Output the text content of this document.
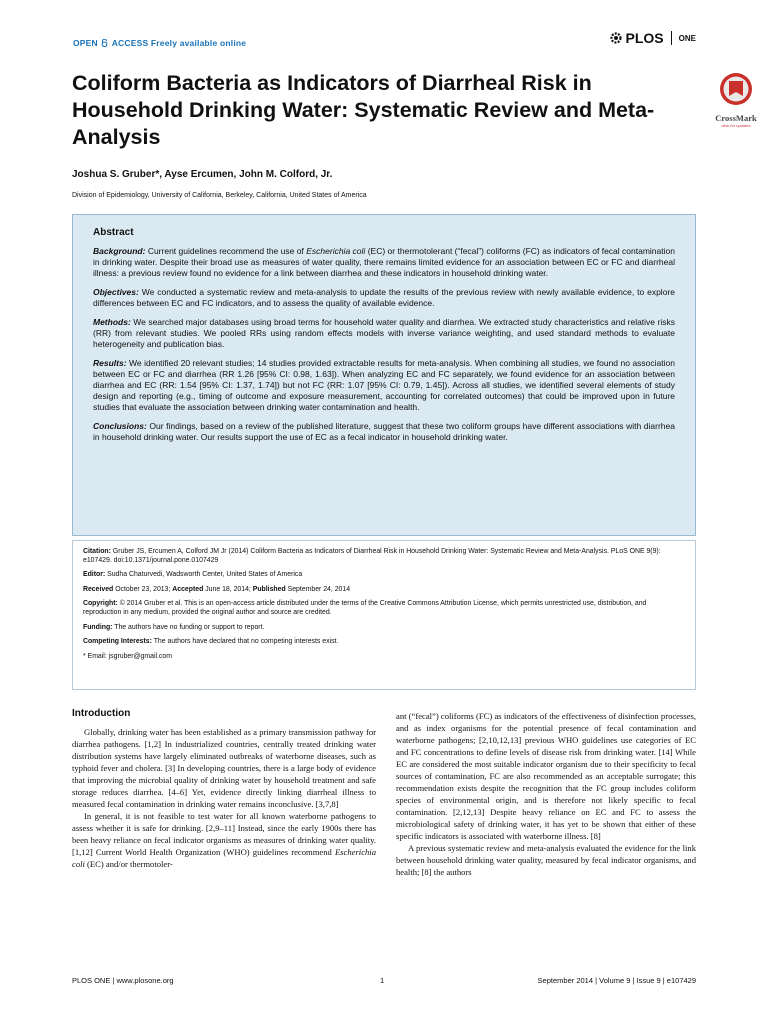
OPEN ACCESS Freely available online	PLOS ONE
Coliform Bacteria as Indicators of Diarrheal Risk in Household Drinking Water: Systematic Review and Meta-Analysis
CrossMark
click for updates
Joshua S. Gruber*, Ayse Ercumen, John M. Colford, Jr.
Division of Epidemiology, University of California, Berkeley, California, United States of America
Abstract

Background: Current guidelines recommend the use of Escherichia coli (EC) or thermotolerant (“fecal”) coliforms (FC) as indicators of fecal contamination in drinking water. Despite their broad use as measures of water quality, there remains limited evidence for an association between EC or FC and diarrheal illness: a previous review found no evidence for a link between diarrhea and these indicators in household drinking water.

Objectives: We conducted a systematic review and meta-analysis to update the results of the previous review with newly available evidence, to explore differences between EC and FC indicators, and to assess the quality of available evidence.

Methods: We searched major databases using broad terms for household water quality and diarrhea. We extracted study characteristics and relative risks (RR) from relevant studies. We pooled RRs using random effects models with inverse variance weighting, and used standard methods to evaluate heterogeneity and publication bias.

Results: We identified 20 relevant studies; 14 studies provided extractable results for meta-analysis. When combining all studies, we found no association between EC or FC and diarrhea (RR 1.26 [95% CI: 0.98, 1.63]). When analyzing EC and FC separately, we found evidence for an association between diarrhea and EC (RR: 1.54 [95% CI: 1.37, 1.74]) but not FC (RR: 1.07 [95% CI: 0.79, 1.45]). Across all studies, we identified several elements of study design and reporting (e.g., timing of outcome and exposure measurement, accounting for correlated outcomes) that could be improved upon in future studies that evaluate the association between drinking water contamination and health.

Conclusions: Our findings, based on a review of the published literature, suggest that these two coliform groups have different associations with diarrhea in household drinking water. Our results support the use of EC as a fecal indicator in household drinking water.

Citation: Gruber JS, Ercumen A, Colford JM Jr (2014) Coliform Bacteria as Indicators of Diarrheal Risk in Household Drinking Water: Systematic Review and Meta-Analysis. PLoS ONE 9(9): e107429. doi:10.1371/journal.pone.0107429

Editor: Sudha Chaturvedi, Wadsworth Center, United States of America

Received October 23, 2013; Accepted June 18, 2014; Published September 24, 2014

Copyright: © 2014 Gruber et al. This is an open-access article distributed under the terms of the Creative Commons Attribution License, which permits unrestricted use, distribution, and reproduction in any medium, provided the original author and source are credited.

Funding: The authors have no funding or support to report.

Competing Interests: The authors have declared that no competing interests exist.

* Email: jsgruber@gmail.com

Introduction

Globally, drinking water has been established as a primary transmission pathway for diarrhea pathogens. [1,2] In industrialized countries, centrally treated drinking water distribution systems have largely eliminated outbreaks of waterborne diseases, such as typhoid fever and cholera. [3] In developing countries, there is a large body of evidence that improving the microbial quality of drinking water by household treatment and safe storage reduces diarrhea. [4–6] Yet, evidence directly linking diarrheal illness to measured fecal contamination in drinking water remains inconclusive. [3,7,8]

In general, it is not feasible to test water for all known waterborne pathogens to assess whether it is safe for drinking. [2,9–11] Instead, since the early 1900s there has been heavy reliance on fecal indicator organisms as measures of drinking water quality. [1,12] Current World Health Organization (WHO) guidelines recommend Escherichia coli (EC) and/or thermotoler-

ant (“fecal”) coliforms (FC) as indicators of the effectiveness of disinfection processes, and as index organisms for the potential presence of fecal contamination and waterborne pathogens; [2,10,12,13] previous WHO guidelines use categories of EC and FC concentrations to define levels of disease risk from drinking water. [14] While EC are considered the most suitable indicator organism due to their specificity to fecal sources of contamination, FC are also recommended as an acceptable surrogate; this recommendation exists despite the recognition that the FC group includes coliform species of environmental origin, and is therefore not likely specific to fecal contamination. [2,12,13] Despite heavy reliance on EC and FC to assess the microbiological safety of drinking water, it has yet to be shown that either of these specific indicators is associated with waterborne illness. [8]

A previous systematic review and meta-analysis evaluated the evidence for the link between household drinking water quality, measured by fecal indicator organisms, and health; [8] the authors

PLOS ONE | www.plosone.org	1	September 2014 | Volume 9 | Issue 9 | e107429
